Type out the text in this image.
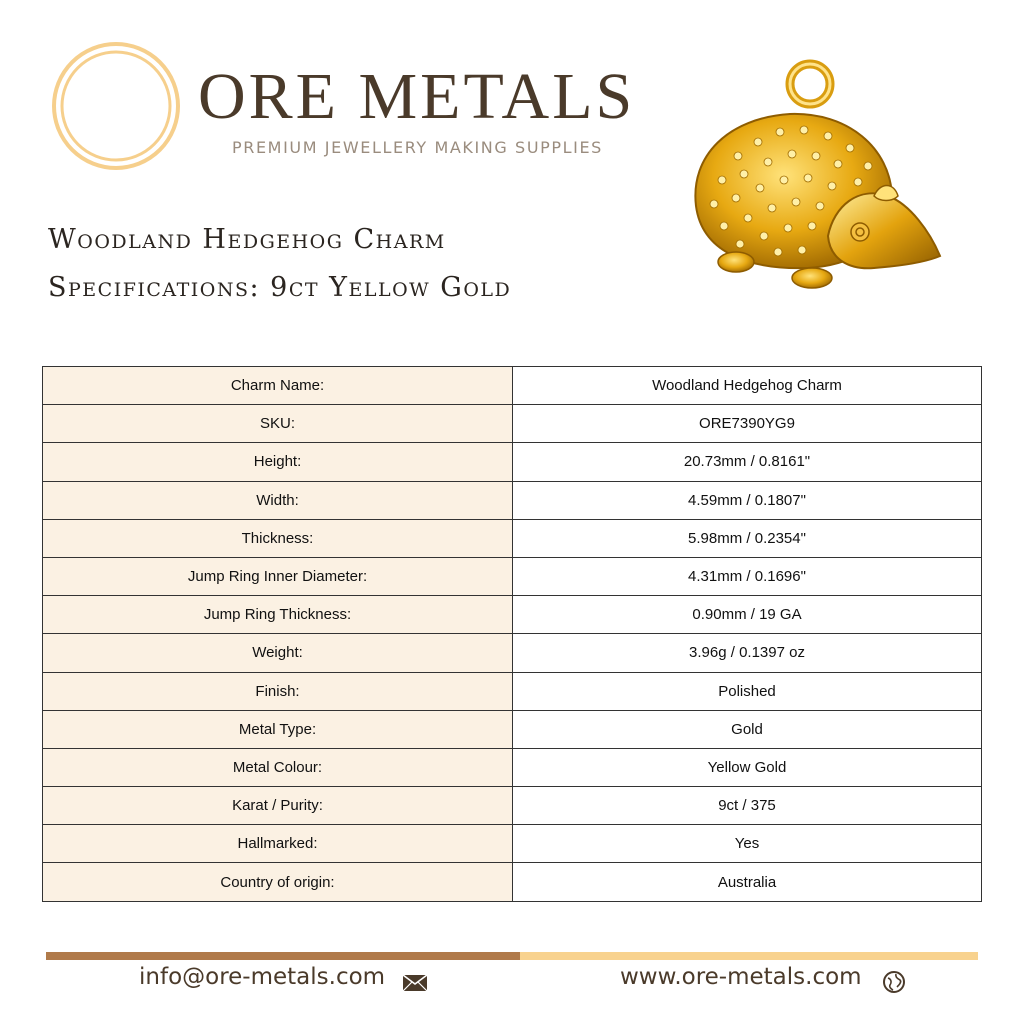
ORE METALS
PREMIUM JEWELLERY MAKING SUPPLIES
Woodland Hedgehog Charm
Specifications: 9ct Yellow Gold
Charm Name:	Woodland Hedgehog Charm
SKU:	ORE7390YG9
Height:	20.73mm / 0.8161"
Width:	4.59mm / 0.1807"
Thickness:	5.98mm / 0.2354"
Jump Ring Inner Diameter:	4.31mm / 0.1696"
Jump Ring Thickness:	0.90mm / 19 GA
Weight:	3.96g / 0.1397 oz
Finish:	Polished
Metal Type:	Gold
Metal Colour:	Yellow Gold
Karat / Purity:	9ct / 375
Hallmarked:	Yes
Country of origin:	Australia
info@ore-metals.com	www.ore-metals.com
